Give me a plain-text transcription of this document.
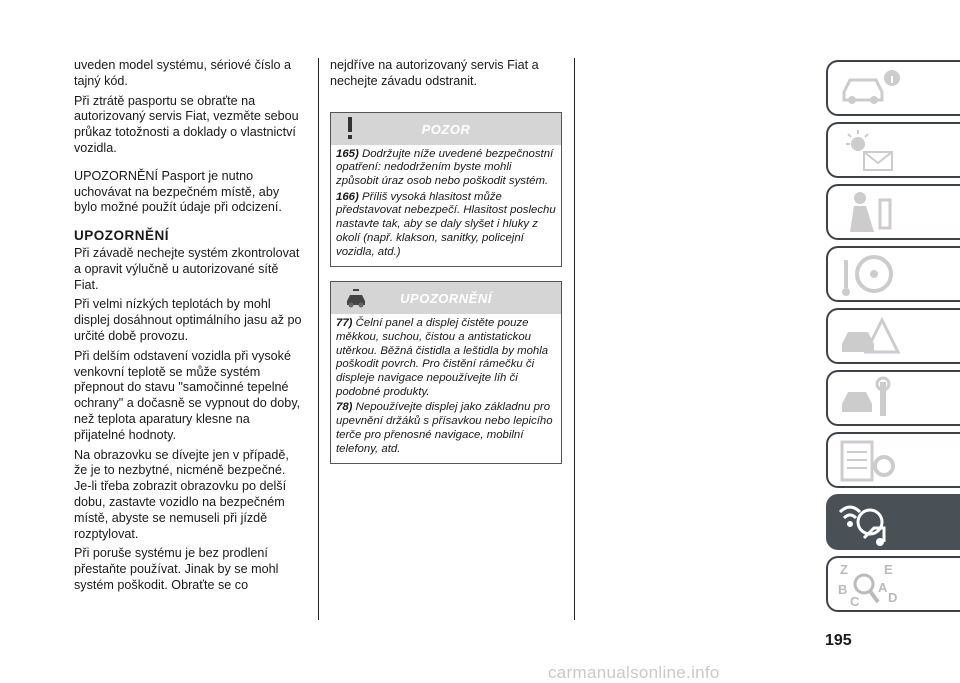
uveden model systému, sériové číslo a tajný kód.

Při ztrátě pasportu se obraťte na autorizovaný servis Fiat, vezměte sebou průkaz totožnosti a doklady o vlastnictví vozidla.

UPOZORNĚNÍ Pasport je nutno uchovávat na bezpečném místě, aby bylo možné použít údaje při odcizení.

UPOZORNĚNÍ

Při závadě nechejte systém zkontrolovat a opravit výlučně u autorizované sítě Fiat.

Při velmi nízkých teplotách by mohl displej dosáhnout optimálního jasu až po určité době provozu.

Při delším odstavení vozidla při vysoké venkovní teplotě se může systém přepnout do stavu "samočinné tepelné ochrany" a dočasně se vypnout do doby, než teplota aparatury klesne na přijatelné hodnoty.

Na obrazovku se dívejte jen v případě, že je to nezbytné, nicméně bezpečné. Je-li třeba zobrazit obrazovku po delší dobu, zastavte vozidlo na bezpečném místě, abyste se nemuseli při jízdě rozptylovat.

Při poruše systému je bez prodlení přestaňte používat. Jinak by se mohl systém poškodit. Obraťte se co

nejdříve na autorizovaný servis Fiat a nechejte závadu odstranit.

POZOR

165) Dodržujte níže uvedené bezpečnostní opatření: nedodržením byste mohli způsobit úraz osob nebo poškodit systém.

166) Příliš vysoká hlasitost může představovat nebezpečí. Hlasitost poslechu nastavte tak, aby se daly slyšet i hluky z okolí (např. klakson, sanitky, policejní vozidla, atd.)

UPOZORNĚNÍ

77) Čelní panel a displej čistěte pouze měkkou, suchou, čistou a antistatickou utěrkou. Běžná čistidla a leštidla by mohla poškodit povrch. Pro čistění rámečku či displeje navigace nepoužívejte líh či podobné produkty.

78) Nepoužívejte displej jako základnu pro upevnění držáků s přísavkou nebo lepicího terče pro přenosné navigace, mobilní telefony, atd.

Z	E
B A
C D
195
carmanualsonline.info
